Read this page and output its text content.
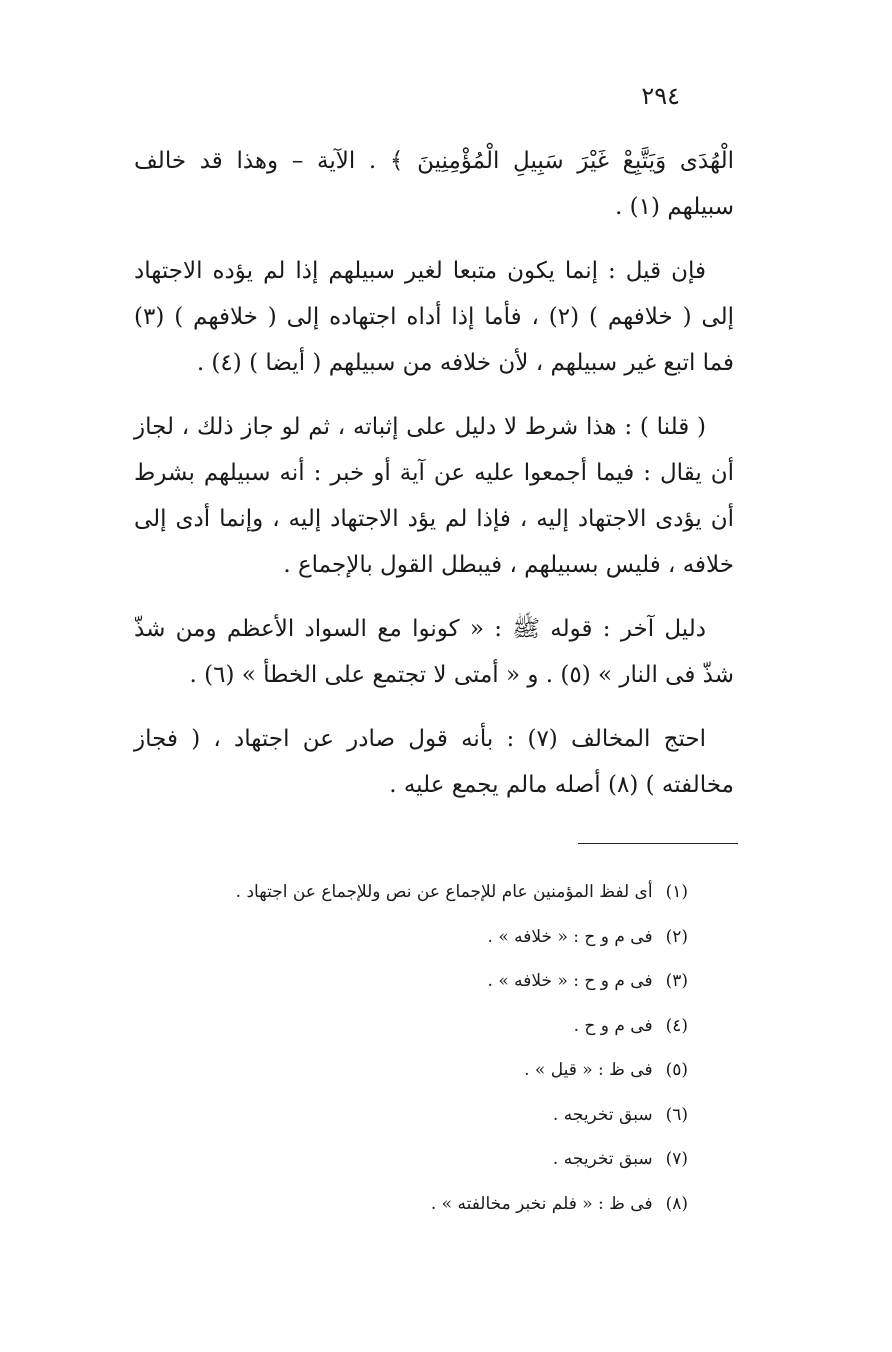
٢٩٤

الْهُدَى وَيَتَّبِعْ غَيْرَ سَبِيلِ الْمُؤْمِنِينَ ﴾ . الآية – وهذا قد خالف سبيلهم (١) .

فإن قيل : إنما يكون متبعا لغير سبيلهم إذا لم يؤده الاجتهاد إلى ( خلافهم ) (٢) ، فأما إذا أداه اجتهاده إلى ( خلافهم ) (٣) فما اتبع غير سبيلهم ، لأن خلافه من سبيلهم ( أيضا ) (٤) .

( قلنا ) : هذا شرط لا دليل على إثباته ، ثم لو جاز ذلك ، لجاز أن يقال : فيما أجمعوا عليه عن آية أو خبر : أنه سبيلهم بشرط أن يؤدى الاجتهاد إليه ، فإذا لم يؤد الاجتهاد إليه ، وإنما أدى إلى خلافه ، فليس بسبيلهم ، فيبطل القول بالإجماع .

دليل آخر : قوله ﷺ : « كونوا مع السواد الأعظم ومن شذّ شذّ فى النار » (٥) . و « أمتى لا تجتمع على الخطأ » (٦) .

احتج المخالف (٧) : بأنه قول صادر عن اجتهاد ، ( فجاز مخالفته ) (٨) أصله مالم يجمع عليه .

(١) أى لفظ المؤمنين عام للإجماع عن نص وللإجماع عن اجتهاد .
(٢) فى م و ح : « خلافه » .
(٣) فى م و ح : « خلافه » .
(٤) فى م و ح .
(٥) فى ظ : « قيل » .
(٦) سبق تخريجه .
(٧) سبق تخريجه .
(٨) فى ظ : « فلم نخبر مخالفته » .
